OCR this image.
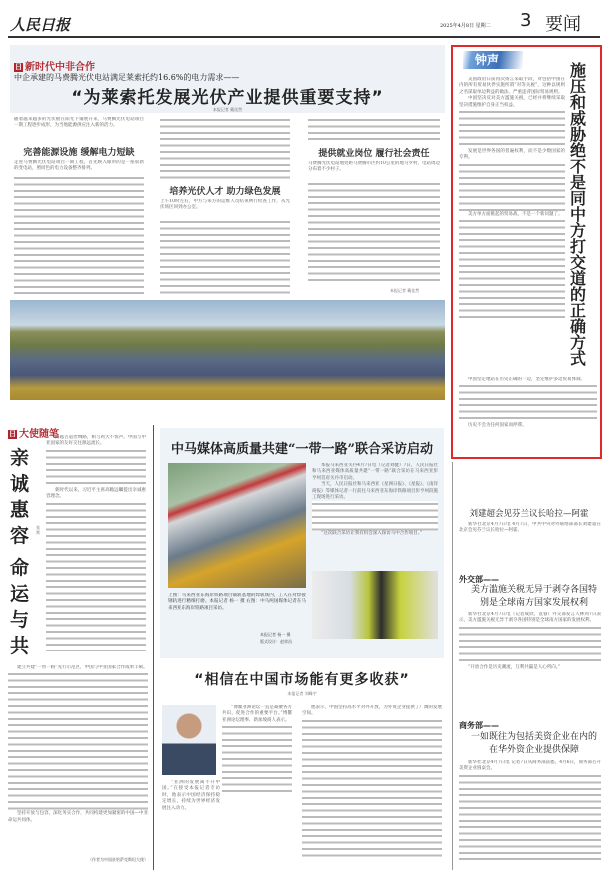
人民日报	2025年4月8日 星期二 3 要闻
日 新时代中非合作
中企承建的马费腾光伏电站满足莱索托约16.6%的电力需求——
“为莱索托发展光伏产业提供重要支持”
本报记者 戴佳然
随着越来越多的光伏板在阳光下铺展开来，马费腾光伏电站项目一期工程逐步成形，为当地能源供应注入新的活力。
完善能源设施 缓解电力短缺
走进马费腾光伏电站项目一期工程，首先映入眼帘的是一座崭新的变电站，照同色的电力设备整齐排列。
培养光伏人才 助力绿色发展
上午10时左右，中方与莱方的运维人员结束例行检查工作，从光伏场区回到办公室。
提供就业岗位 履行社会责任
马费腾光伏电站地处距马费腾市区约10公里的地马罗村，电站周边分布着不少村子。
本报记者 戴佳然
钟声

美国政府日前再次扬言采取手段，对包括中国在内的所有贸易伙伴实施所谓“对等关税”，这种以规则之名谋取单边利益的做法，严重违背国际贸易规则。

中国坚决反对美方滥施关税，已经并将继续采取坚决措施维护自身正当权益。

发展是世界各国的普遍权利，而不是少数国家的专利。

美方单方面挑起的贸易战，不是一个新问题了。

中国坚定地站在历史正确的一边，坚定维护多边贸易体制。

历史不会为任何国家而停滞。

施压和威胁绝不是同中方打交道的正确方式
日 大使随笔
亲诚惠容 张霄
命运与共

跨越古道丝绸路，相与鸡犬不惊声。中国与中亚国家的友好交往源远流长。

新时代以来，习近平主席高瞻远瞩提出亲诚惠容理念。

建立共建“一带一路”先行示范区，中国与中亚国家合作成果丰硕。

坚持开放与包容，深化务实合作，共同构建更加紧密的中国—中亚命运共同体。

（作者为中国驻哈萨克斯坦大使）
中马媒体高质量共建“一带一路”联合采访启动
上图：马来西亚东海岸铁路项目铺轨基地的焊轨场内，工人在对焊接钢轨进行精细打磨。本报记者 杨一 摄 右图：中马两国媒体记者在马来西亚东海岸铁路项目采访。
本报记者 杨一 摄
版式设计：赵荣昌

本报马来西亚关丹4月7日电（记者刘健）7日，人民日报社和马来西亚媒体高质量共建“一带一路”联合采访在马来西亚彭亨州首府关丹市启动。

当天，人民日报社和马来西亚《星洲日报》、《星报》、《南洋商报》等媒体记者一行前往马来西亚东海岸铁路项目彭亨州段施工现场进行采访。

“这次联合采访让我有机会深入探访马中合作项目。”

“相信在中国市场能有更多收获”
本报记者 刘峰宇

“博鳌亚洲论坛一直是凝聚各方共识、促进合作的重要平台。”博鳌亚洲论坛理事、新加坡商人表示。

“亚洲的发展离不开中国。”在接受本报记者专访时，他表示中国经济保持稳定增长，持续为世界经济发展注入动力。

他表示，中国坚持高水平对外开放，为外资企业提供了广阔的发展空间。

刘建超会见芬兰议长哈拉—阿霍
新华社北京4月7日电 4月7日，中共中央对外联络部部长刘建超在北京会见芬兰议长哈拉—阿霍。
外交部——
美方滥施关税无异于剥夺各国特别是全球南方国家发展权利

新华社北京4月7日电（记者成欣、袁睿）外交部发言人林剑7日表示，美方滥施关税无异于剥夺各国特别是全球南方国家的发展权利。

“开放合作是历史潮流，互利共赢是人心所向。”

商务部——
一如既往为包括美资企业在内的在华外资企业提供保障

新华社北京4月7日电 记者7日从商务部获悉，4月6日，商务部召开美资企业圆桌会。
